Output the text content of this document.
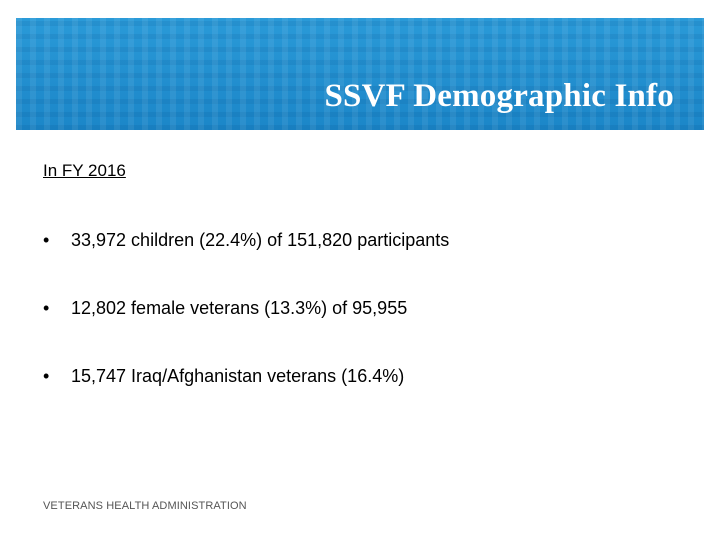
SSVF Demographic Info
In FY 2016
• 33,972 children (22.4%) of 151,820 participants
• 12,802 female veterans (13.3%) of 95,955
• 15,747 Iraq/Afghanistan veterans (16.4%)
VETERANS HEALTH ADMINISTRATION
